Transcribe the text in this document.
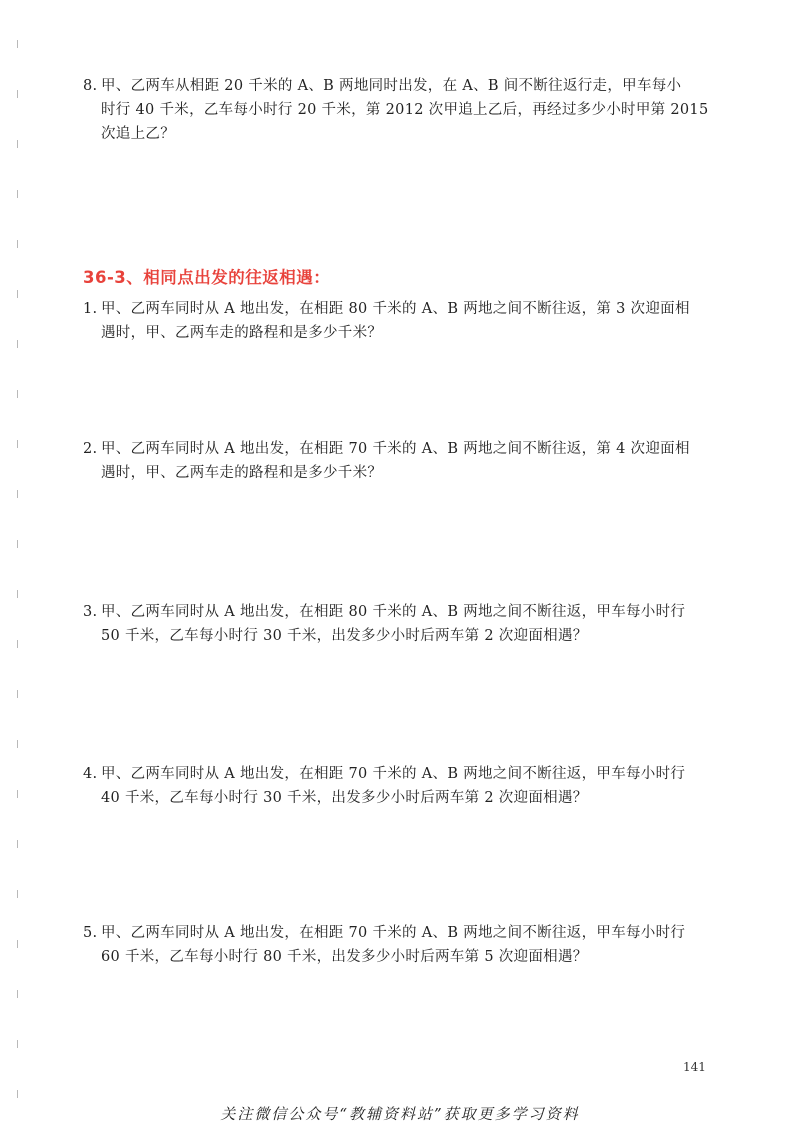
8. 甲、乙两车从相距 20 千米的 A、B 两地同时出发，在 A、B 间不断往返行走，甲车每小
时行 40 千米，乙车每小时行 20 千米，第 2012 次甲追上乙后，再经过多少小时甲第 2015
次追上乙？
36-3、相同点出发的往返相遇：
1. 甲、乙两车同时从 A 地出发，在相距 80 千米的 A、B 两地之间不断往返，第 3 次迎面相
遇时，甲、乙两车走的路程和是多少千米？
2. 甲、乙两车同时从 A 地出发，在相距 70 千米的 A、B 两地之间不断往返，第 4 次迎面相
遇时，甲、乙两车走的路程和是多少千米？
3. 甲、乙两车同时从 A 地出发，在相距 80 千米的 A、B 两地之间不断往返，甲车每小时行
50 千米，乙车每小时行 30 千米，出发多少小时后两车第 2 次迎面相遇？
4. 甲、乙两车同时从 A 地出发，在相距 70 千米的 A、B 两地之间不断往返，甲车每小时行
40 千米，乙车每小时行 30 千米，出发多少小时后两车第 2 次迎面相遇？
5. 甲、乙两车同时从 A 地出发，在相距 70 千米的 A、B 两地之间不断往返，甲车每小时行
60 千米，乙车每小时行 80 千米，出发多少小时后两车第 5 次迎面相遇？
141
关注微信公众号“教辅资料站”获取更多学习资料
